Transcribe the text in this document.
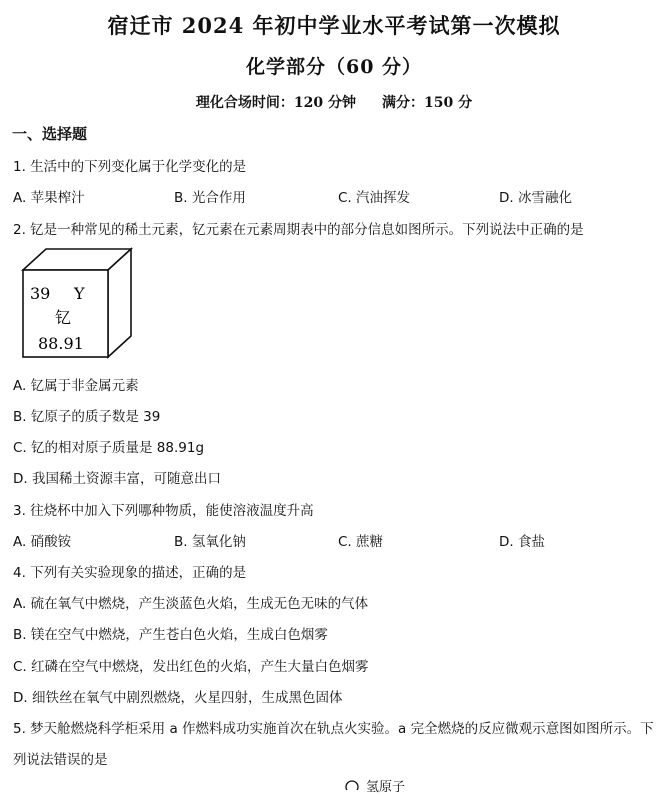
宿迁市 2024 年初中学业水平考试第一次模拟
化学部分（60 分）
理化合场时间：120 分钟 满分：150 分
一、选择题
1. 生活中的下列变化属于化学变化的是
A. 苹果榨汁	B. 光合作用	C. 汽油挥发	D. 冰雪融化
2. 钇是一种常见的稀土元素，钇元素在元素周期表中的部分信息如图所示。下列说法中正确的是
39 Y
钇
88.91
A. 钇属于非金属元素
B. 钇原子的质子数是 39
C. 钇的相对原子质量是 88.91g
D. 我国稀土资源丰富，可随意出口
3. 往烧杯中加入下列哪种物质，能使溶液温度升高
A. 硝酸铵	B. 氢氧化钠	C. 蔗糖	D. 食盐
4. 下列有关实验现象的描述，正确的是
A. 硫在氧气中燃烧，产生淡蓝色火焰，生成无色无味的气体
B. 镁在空气中燃烧，产生苍白色火焰，生成白色烟雾
C. 红磷在空气中燃烧，发出红色的火焰，产生大量白色烟雾
D. 细铁丝在氧气中剧烈燃烧，火星四射，生成黑色固体
5. 梦天舱燃烧科学柜采用 a 作燃料成功实施首次在轨点火实验。a 完全燃烧的反应微观示意图如图所示。下
列说法错误的是
氢原子
